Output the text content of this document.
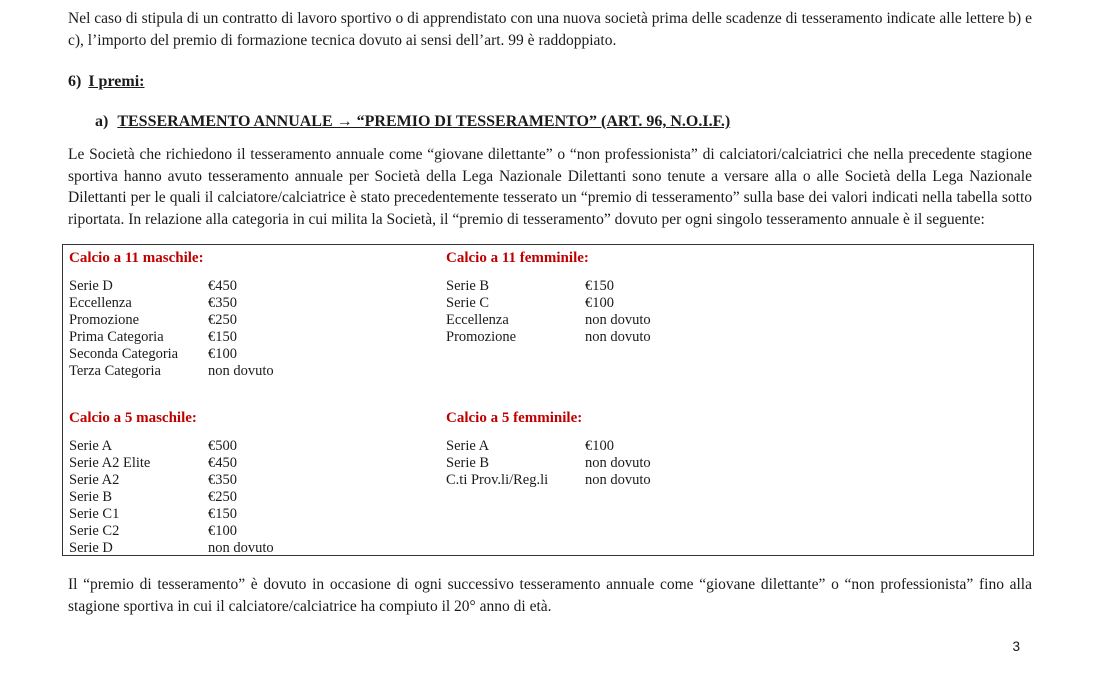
Nel caso di stipula di un contratto di lavoro sportivo o di apprendistato con una nuova società prima delle scadenze di tesseramento indicate alle lettere b) e c), l’importo del premio di formazione tecnica dovuto ai sensi dell’art. 99 è raddoppiato.

6) I premi:
a) TESSERAMENTO ANNUALE → “PREMIO DI TESSERAMENTO” (ART. 96, N.O.I.F.)

Le Società che richiedono il tesseramento annuale come “giovane dilettante” o “non professionista” di calciatori/calciatrici che nella precedente stagione sportiva hanno avuto tesseramento annuale per Società della Lega Nazionale Dilettanti sono tenute a versare alla o alle Società della Lega Nazionale Dilettanti per le quali il calciatore/calciatrice è stato precedentemente tesserato un “premio di tesseramento” sulla base dei valori indicati nella tabella sotto riportata. In relazione alla categoria in cui milita la Società, il “premio di tesseramento” dovuto per ogni singolo tesseramento annuale è il seguente:

Calcio a 11 maschile:
Serie D	€450
Eccellenza	€350
Promozione	€250
Prima Categoria	€150
Seconda Categoria	€100
Terza Categoria	non dovuto
Calcio a 11 femminile:
Serie B	€150
Serie C	€100
Eccellenza	non dovuto
Promozione	non dovuto
Calcio a 5 maschile:
Serie A	€500
Serie A2 Elite	€450
Serie A2	€350
Serie B	€250
Serie C1	€150
Serie C2	€100
Serie D	non dovuto
Calcio a 5 femminile:
Serie A	€100
Serie B	non dovuto
C.ti Prov.li/Reg.li	non dovuto

Il “premio di tesseramento” è dovuto in occasione di ogni successivo tesseramento annuale come “giovane dilettante” o “non professionista” fino alla stagione sportiva in cui il calciatore/calciatrice ha compiuto il 20° anno di età.

3
